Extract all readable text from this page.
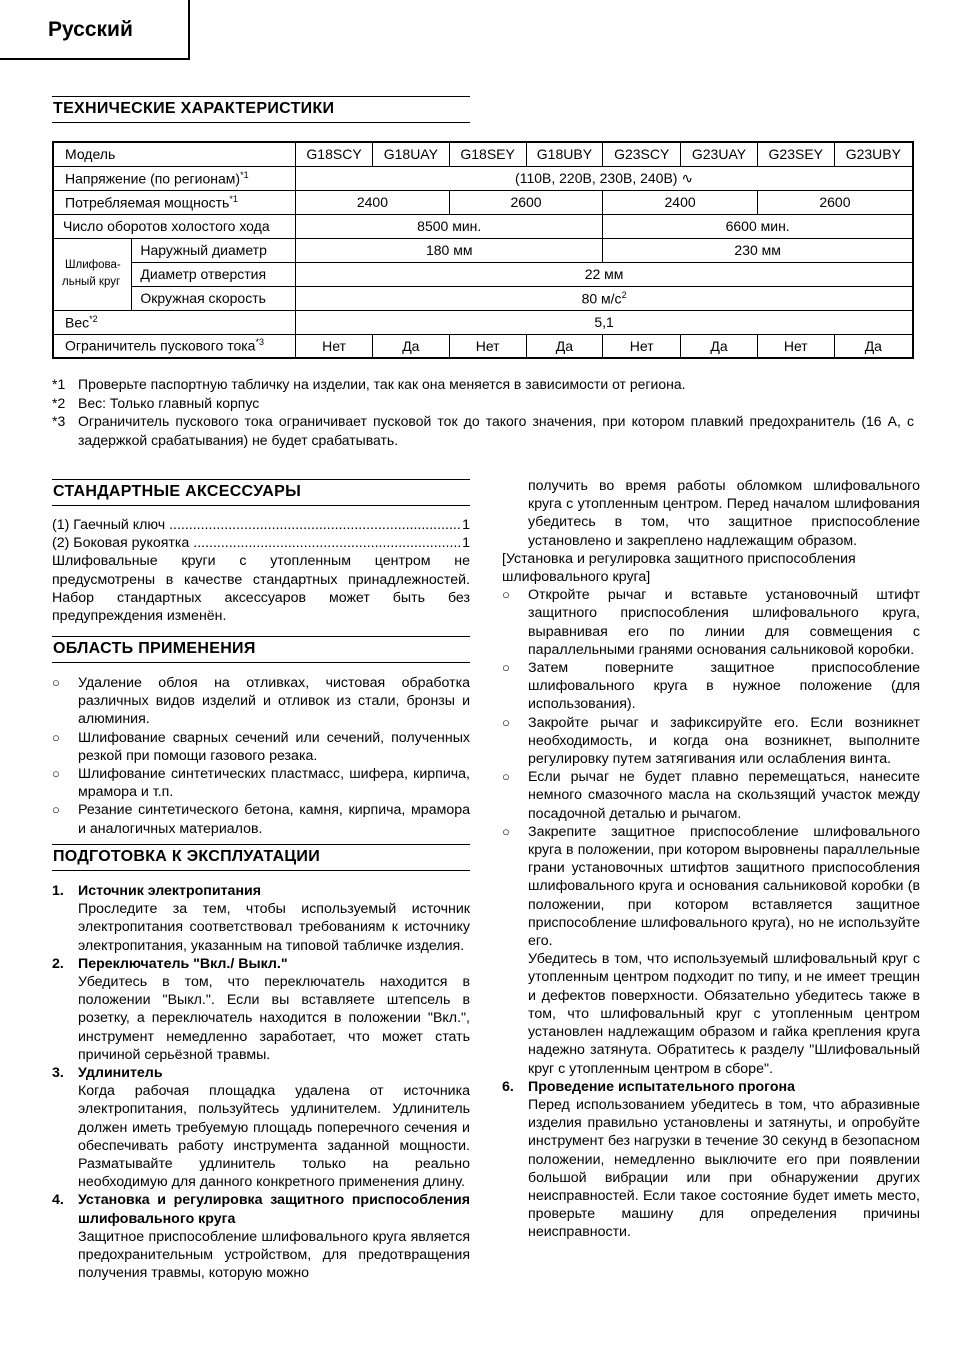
Русский
ТЕХНИЧЕСКИЕ ХАРАКТЕРИСТИКИ
Модель		G18SCY	G18UAY	G18SEY	G18UBY	G23SCY	G23UAY	G23SEY	G23UBY
Напряжение (по регионам)$^{*1}$		(110B, 220B, 230B, 240B) ∿							
Потребляемая мощность$^{*1}$		2400		2600		2400		2600	
Число оборотов холостого хода		8500 мин.				6600 мин.			

Шлифова-
льный круг	Наружный диаметр	180 мм				230 мм			
	Диаметр отверстия	22 мм							
	Окружная скорость	80 $м/с^2$
Вес$^{*2}$		5,1							
Ограничитель пускового тока$^{*3}$		Нет	Да	Нет	Да	Нет	Да	Нет	Да
*1 Проверьте паспортную табличку на изделии, так как она меняется в зависимости от региона.
*2 Вес: Только главный корпус
*3 Ограничитель пускового тока ограничивает пусковой ток до такого значения, при котором плавкий предохранитель (16 А, с задержкой срабатывания) не будет срабатывать.
СТАНДАРТНЫЕ АКСЕССУАРЫ
(1) Гаечный ключ .....	1
(2) Боковая рукоятка .....	1

Шлифовальные круги с утопленным центром не предусмотрены в качестве стандартных принадлежностей. Набор стандартных аксессуаров может быть без предупреждения изменён.

ОБЛАСТЬ ПРИМЕНЕНИЯ
○	Удаление облоя на отливках, чистовая обработка различных видов изделий и отливок из стали, бронзы и алюминия.
○	Шлифование сварных сечений или сечений, полученных резкой при помощи газового резака.
○	Шлифование синтетических пластмасс, шифера, кирпича, мрамора и т.п.
○	Резание синтетического бетона, камня, кирпича, мрамора и аналогичных материалов.
ПОДГОТОВКА К ЭКСПЛУАТАЦИИ
1. Источник электропитания

Проследите за тем, чтобы используемый источник электропитания соответствовал требованиям к источнику электропитания, указанным на типовой табличке изделия.

2. Переключатель "Вкл./ Выкл."

Убедитесь в том, что переключатель находится в положении "Выкл.". Если вы вставляете штепсель в розетку, а переключатель находится в положении "Вкл.", инструмент немедленно заработает, что может стать причиной серьёзной травмы.

3. Удлинитель

Когда рабочая площадка удалена от источника электропитания, пользуйтесь удлинителем. Удлинитель должен иметь требуемую площадь поперечного сечения и обеспечивать работу инструмента заданной мощности. Разматывайте удлинитель только на реально необходимую для данного конкретного применения длину.

4. Установка и регулировка защитного приспособления шлифовального круга

Защитное приспособление шлифовального круга является предохранительным устройством, для предотвращения получения травмы, которую можно

получить во время работы обломком шлифовального круга с утопленным центром. Перед началом шлифования убедитесь в том, что защитное приспособление установлено и закреплено надлежащим образом.

[Установка и регулировка защитного приспособления шлифовального круга]

○	Откройте рычаг и вставьте установочный штифт защитного приспособления шлифовального круга, выравнивая его по линии для совмещения с параллельными гранями основания сальниковой коробки.
○	Затем поверните защитное приспособление шлифовального круга в нужное положение (для использования).
○	Закройте рычаг и зафиксируйте его. Если возникнет необходимость, и когда она возникнет, выполните регулировку путем затягивания или ослабления винта.
○	Если рычаг не будет плавно перемещаться, нанесите немного смазочного масла на скользящий участок между посадочной деталью и рычагом.
○	Закрепите защитное приспособление шлифовального круга в положении, при котором выровнены параллельные грани установочных штифтов защитного приспособления шлифовального круга и основания сальниковой коробки (в положении, при котором вставляется защитное приспособление шлифовального круга), но не используйте его.

Убедитесь в том, что используемый шлифовальный круг с утопленным центром подходит по типу, и не имеет трещин и дефектов поверхности. Обязательно убедитесь также в том, что шлифовальный круг с утопленным центром установлен надлежащим образом и гайка крепления круга надежно затянута. Обратитесь к разделу "Шлифовальный круг с утопленным центром в сборе".

6. Проведение испытательного прогона

Перед использованием убедитесь в том, что абразивные изделия правильно установлены и затянуты, и опробуйте инструмент без нагрузки в течение 30 секунд в безопасном положении, немедленно выключите его при появлении большой вибрации или при обнаружении других неисправностей. Если такое состояние будет иметь место, проверьте машину для определения причины неисправности.
